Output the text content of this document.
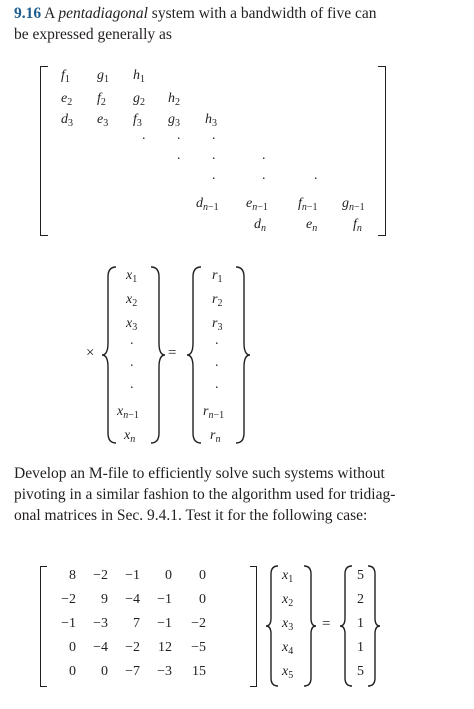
9.16 A pentadiagonal system with a bandwidth of five can
be expressed generally as
$f_1$ $g_1$ $h_1$
$e_2$ $f_2$ $g_2$ $h_2$
$d_3$ $e_3$ $f_3$ $g_3$ $h_3$
. . .
. .	.
.	.	.
$d_{n-1}$ $e_{n-1}$ $f_{n-1}$ $g_{n-1}$
$d_n$	$e_n$	$f_n$
×
$x_1$
$x_2$
$x_3$
.
.
.
$x_{n-1}$
$x_n$
=
$r_1$
$r_2$
$r_3$
.
.
.
$r_{n-1}$
$r_n$
Develop an M-file to efficiently solve such systems without
pivoting in a similar fashion to the algorithm used for tridiag-
onal matrices in Sec. 9.4.1. Test it for the following case:
8	−2	−1	0	0
−2	9	−4	−1	0
−1	−3	7	−1	−2
0	−4	−2	12	−5
0	0	−7	−3	15
$x_1$
$x_2$
$x_3$
$x_4$
$x_5$
=
5
2
1
1
5
